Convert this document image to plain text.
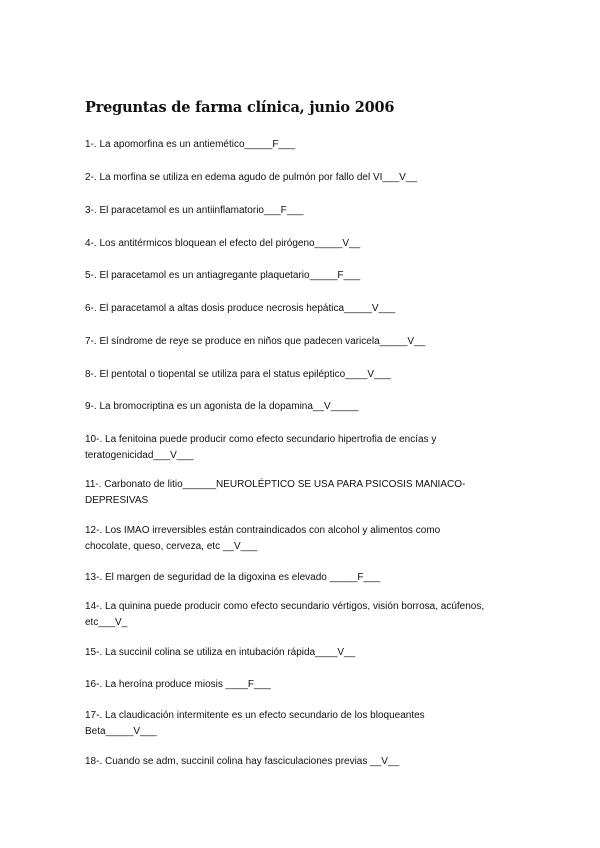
Preguntas de farma clínica, junio 2006
1-. La apomorfina es un antiemético_____F___
2-. La morfina se utiliza en edema agudo de pulmón por fallo del VI___V__
3-. El paracetamol es un antiinflamatorio___F___
4-. Los antitérmicos bloquean el efecto del pirógeno_____V__
5-. El paracetamol es un antiagregante plaquetario_____F___
6-. El paracetamol a altas dosis produce necrosis hepática_____V___
7-. El síndrome de reye se produce en niños que padecen varicela_____V__
8-. El pentotal o tiopental se utiliza para el status epiléptico____V___
9-. La bromocriptina es un agonista de la dopamina__V_____
10-. La fenitoina puede producir como efecto secundario hipertrofia de encías y teratogenicidad___V___
11-. Carbonato de litio______NEUROLÉPTICO SE USA PARA PSICOSIS MANIACO-DEPRESIVAS
12-. Los IMAO irreversibles están contraindicados con alcohol y alimentos como chocolate, queso, cerveza, etc __V___
13-. El margen de seguridad de la digoxina es elevado _____F___
14-. La quinina puede producir como efecto secundario vértigos, visión borrosa, acúfenos, etc___V_
15-. La succinil colina se utiliza en intubación rápida____V__
16-. La heroína produce miosis ____F___
17-. La claudicación intermitente es un efecto secundario de los bloqueantes Beta_____V___
18-. Cuando se adm, succinil colina hay fasciculaciones previas __V__
